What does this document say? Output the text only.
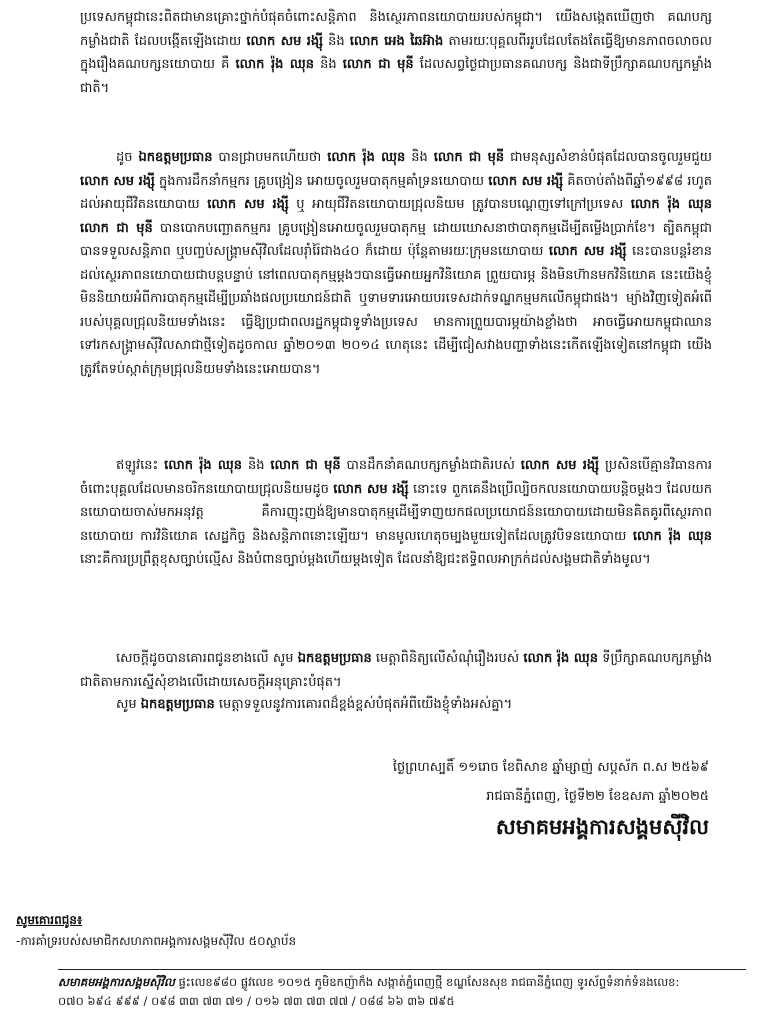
ប្រទេសកម្ពុជានេះពិតជាមានគ្រោះថ្នាក់បំផុតចំពោះសន្តិភាព និងស្ថេរភាពនយោបាយរបស់កម្ពុជា។ យើងសង្កេតឃើញថា គណបក្សកម្លាំងជាតិ ដែលបង្កើតឡើងដោយ លោក សម រង្ស៊ី និង លោក អេង ឆៃអ៊ាង តាមរយៈបុគ្គលពីររូបដែលតែងតែធ្វើឱ្យមានភាពចលាចលក្នុងរឿងគណបក្សនយោបាយ គឺ លោក រ៉ុង ឈុន និង លោក ជា មុនី ដែលសព្វថ្ងៃជាប្រធានគណបក្ស និងជាទីប្រឹក្សាគណបក្សកម្លាំងជាតិ។

ដូច ឯកឧត្តមប្រធាន បានជ្រាបមកហើយថា លោក រ៉ុង ឈុន និង លោក ជា មុនី ជាមនុស្សសំខាន់បំផុតដែលបានចូលរួមជួយ លោក សម រង្ស៊ី ក្នុងការដឹកនាំកម្មករ គ្រូបង្រៀន អោយចូលរួមបាតុកម្មគាំទ្រនយោបាយ លោក សម រង្ស៊ី គិតចាប់តាំងពីឆ្នាំ១៩៩៨ រហូតដល់អាយុជីវិតនយោបាយ លោក សម រង្ស៊ី ឬ អាយុជីវិតនយោបាយជ្រុលនិយម ត្រូវបានបណ្តេញទៅក្រៅប្រទេស លោក រ៉ុង ឈុន លោក ជា មុនី បានបោកបញ្ឆោតកម្មករ គ្រូបង្រៀនអោយចូលរួមបាតុកម្ម ដោយឃោសនាថាបាតុកម្មដើម្បីតម្លើងប្រាក់ខែ។ ត្បិតកម្ពុជាបានទទួលសន្តិភាព ឬបញ្ចប់សង្គ្រាមស៊ីវិលដែលរ៉ាំរ៉ៃជាង៤០ ក៏ដោយ ប៉ុន្តែតាមរយៈក្រុមនយោបាយ លោក សម រង្ស៊ី នេះបានបន្តរំខានដល់ស្ថេរភាពនយោបាយជាបន្តបន្ទាប់ នៅពេលបាតុកម្មម្តងៗបានធ្វើអោយអ្នកវិនិយោគ ព្រួយបារម្ភ និងមិនហ៊ានមកវិនិយោគ នេះយើងខ្ញុំមិននិយាយអំពីការបាតុកម្មដើម្បីប្រឆាំងផលប្រយោជន៍ជាតិ ឬទាមទារអោយបរទេសដាក់ទណ្ឌកម្មមកលើកម្ពុជាផង។ ម្យ៉ាងវិញទៀតអំពើរបស់បុគ្គលជ្រុលនិយមទាំងនេះ ធ្វើឱ្យប្រជាពលរដ្ឋកម្ពុជាទូទាំងប្រទេស មានការព្រួយបារម្ភយ៉ាងខ្លាំងថា អាចធ្វើអោយកម្ពុជាឈានទៅរកសង្គ្រាមស៊ីវិលសាជាថ្មីទៀតដូចកាល ឆ្នាំ២០១៣ ២០១៤ ហេតុនេះ ដើម្បីជៀសវាងបញ្ហាទាំងនេះកើតឡើងទៀតនៅកម្ពុជា យើងត្រូវតែទប់ស្កាត់ក្រុមជ្រុលនិយមទាំងនេះអោយបាន។

ឥឡូវនេះ លោក រ៉ុង ឈុន និង លោក ជា មុនី បានដឹកនាំគណបក្សកម្លាំងជាតិរបស់ លោក សម រង្ស៊ី ប្រសិនបើគ្មានវិធានការចំពោះបុគ្គលដែលមានចរិកនយោបាយជ្រុលនិយមដូច លោក សម រង្ស៊ី នោះទេ ពួកគេនឹងប្រើល្បិចកលនយោបាយបន្តិចម្តងៗ ដែលយកនយោបាយចាស់មកអនុវត្ត គឺការញុះញង់ឱ្យមានបាតុកម្មដើម្បីទាញយកផលប្រយោជន៍នយោបាយដោយមិនគិតគូរពីស្ថេរភាពនយោបាយ ការវិនិយោគ សេដ្ឋកិច្ច និងសន្តិភាពនោះឡើយ។ មានមូលហេតុចម្បងមួយទៀតដែលត្រូវបិទនយោបាយ លោក រ៉ុង ឈុន នោះគឺការប្រព្រឹត្តខុសច្បាប់ល្មើស និងបំពានច្បាប់ម្តងហើយម្តងទៀត ដែលនាំឱ្យជះឥទ្ធិពលអាក្រក់ដល់សង្គមជាតិទាំងមូល។

សេចក្តីដូចបានគោរពជូនខាងលើ សូម ឯកឧត្តមប្រធាន មេត្តាពិនិត្យលើសំណុំរឿងរបស់ លោក រ៉ុង ឈុន ទីប្រឹក្សាគណបក្សកម្លាំងជាតិតាមការស្នើសុំខាងលើដោយសេចក្តីអនុគ្រោះបំផុត។

សូម ឯកឧត្តមប្រធាន មេត្តាទទួលនូវការគោរពដ៏ខ្ពង់ខ្ពស់បំផុតអំពីយើងខ្ញុំទាំងអស់គ្នា។

ថ្ងៃព្រហស្បតិ៍ ១១រោច ខែពិសាខ ឆ្នាំម្សាញ់ សប្តស័ក ព.ស ២៥៦៩
រាជធានីភ្នំពេញ, ថ្ងៃទី២២ ខែឧសភា ឆ្នាំ២០២៥
សមាគមអង្គការសង្គមស៊ីវិល
សូមគោរពជូន៖
-ការគាំទ្ររបស់សមាជិកសហភាពអង្គការសង្គមស៊ីវិល ៥០ស្ថាប័ន
សមាគមអង្គការសង្គមស៊ីវិល ផ្ទះលេខ៩៨០ ផ្លូវលេខ ១០១៥ ភូមិឧកញ៉ាក៏ង សង្កាត់ភ្នំពេញថ្មី ខណ្ឌសែនសុខ រាជធានីភ្នំពេញ ទូរស័ព្ទទំនាក់ទំនងលេខ:
០៧០ ៦៩៤ ៩៩៩ / ០៩៨ ៣៣ ៧៣ ៧១ / ០១៦ ៧៣ ៧៣ ៧៧ / ០៨៨ ៦៦ ៣៦ ៧៩៥
